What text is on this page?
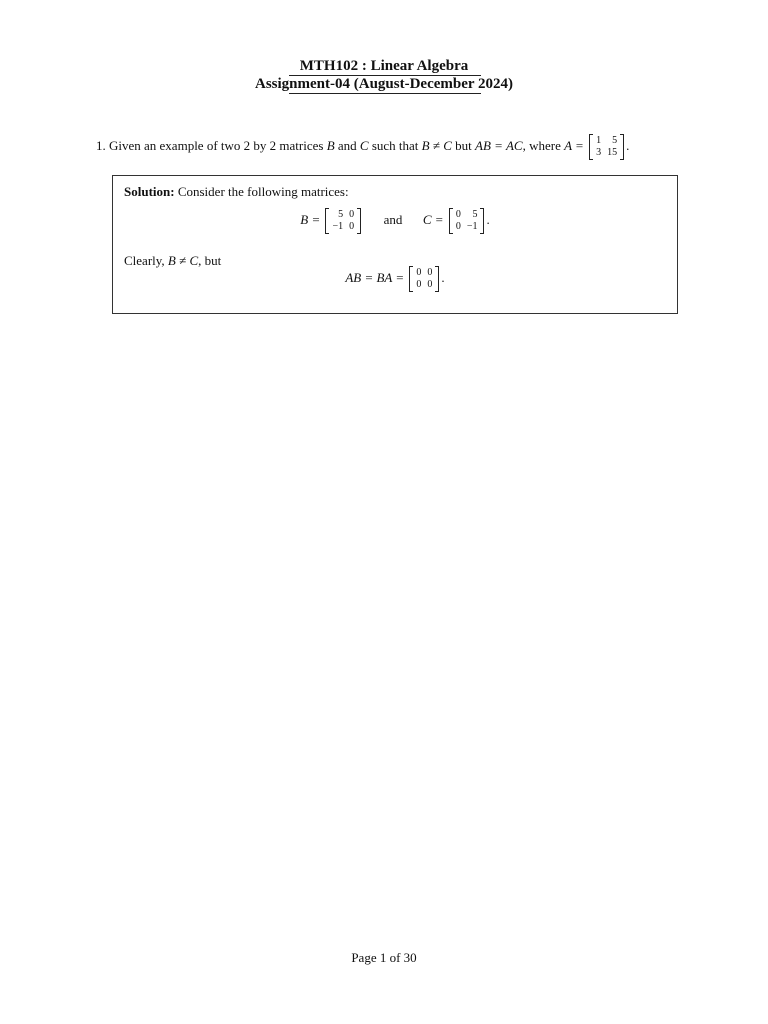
MTH102 : Linear Algebra
Assignment-04 (August-December 2024)
1. Given an example of two 2 by 2 matrices B and C such that B ≠ C but AB = AC, where A = 1	5
3	15 .
Solution: Consider the following matrices:
B = 5	0
−1	0 and C = 0	5
0	−1 .
Clearly, B ≠ C, but
AB = BA = 0	0
0	0 .
Page 1 of 30
